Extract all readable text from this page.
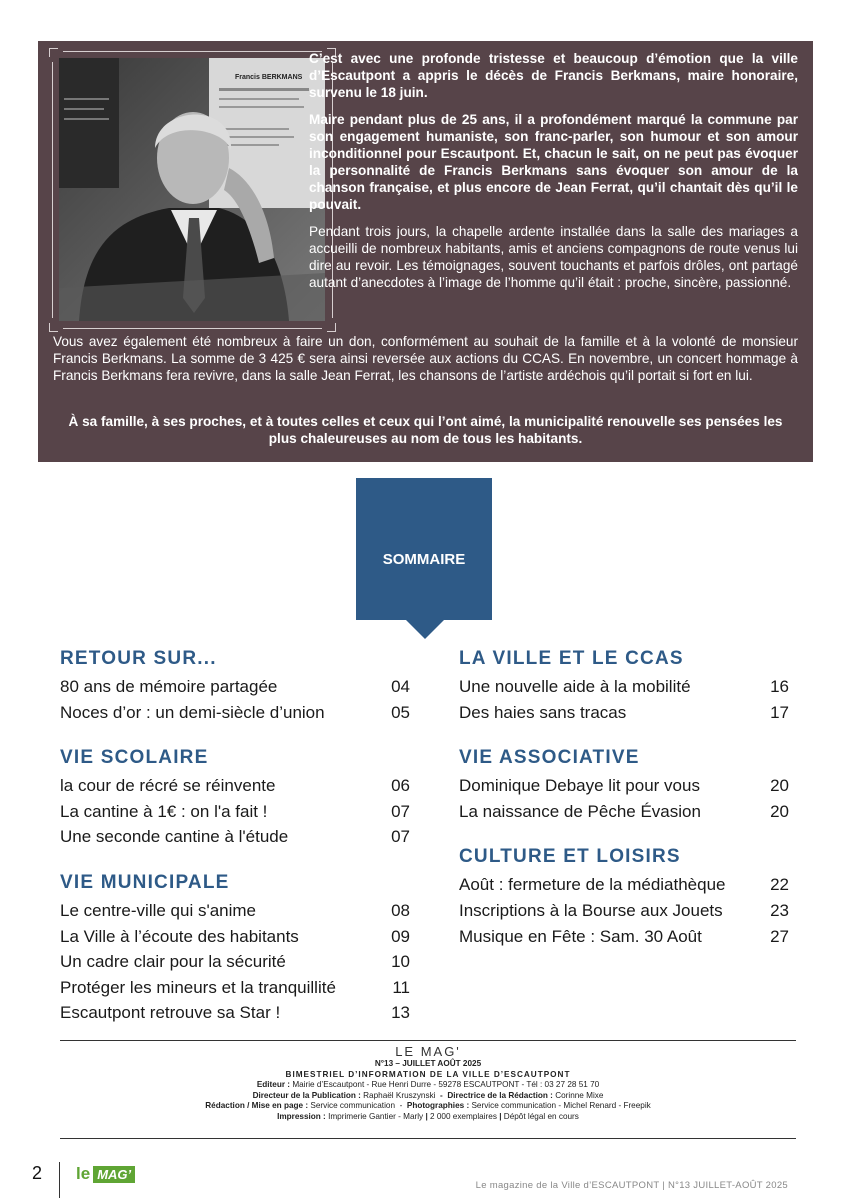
Francis BERKMANS

C’est avec une profonde tristesse et beaucoup d’émotion que la ville d’Escautpont a appris le décès de Francis Berkmans, maire honoraire, survenu le 18 juin.

Maire pendant plus de 25 ans, il a profondément marqué la commune par son engagement humaniste, son franc-parler, son humour et son amour inconditionnel pour Escautpont. Et, chacun le sait, on ne peut pas évoquer la personnalité de Francis Berkmans sans évoquer son amour de la chanson française, et plus encore de Jean Ferrat, qu’il chantait dès qu’il le pouvait.

Pendant trois jours, la chapelle ardente installée dans la salle des mariages a accueilli de nombreux habitants, amis et anciens compagnons de route venus lui dire au revoir. Les témoignages, souvent touchants et parfois drôles, ont partagé autant d’anecdotes à l’image de l’homme qu’il était : proche, sincère, passionné.

Vous avez également été nombreux à faire un don, conformément au souhait de la famille et à la volonté de monsieur Francis Berkmans. La somme de 3 425 € sera ainsi reversée aux actions du CCAS. En novembre, un concert hommage à Francis Berkmans fera revivre, dans la salle Jean Ferrat, les chansons de l’artiste ardéchois qu’il portait si fort en lui.

À sa famille, à ses proches, et à toutes celles et ceux qui l’ont aimé, la municipalité renouvelle ses pensées les plus chaleureuses au nom de tous les habitants.
SOMMAIRE
RETOUR SUR...
80 ans de mémoire partagée	04
Noces d’or : un demi-siècle d’union	05
VIE SCOLAIRE
la cour de récré se réinvente	06
La cantine à 1€ : on l'a fait !	07
Une seconde cantine à l'étude	07
VIE MUNICIPALE
Le centre-ville qui s'anime	08
La Ville à l’écoute des habitants	09
Un cadre clair pour la sécurité	10
Protéger les mineurs et la tranquillité	11
Escautpont retrouve sa Star !	13
LA VILLE ET LE CCAS
Une nouvelle aide à la mobilité	16
Des haies sans tracas	17
VIE ASSOCIATIVE
Dominique Debaye lit pour vous	20
La naissance de Pêche Évasion	20
CULTURE ET LOISIRS
Août : fermeture de la médiathèque	22
Inscriptions à la Bourse aux Jouets	23
Musique en Fête : Sam. 30 Août	27
LE MAG'
N°13 – JUILLET AOÛT 2025
BIMESTRIEL D’INFORMATION DE LA VILLE D’ESCAUTPONT
Editeur : Mairie d’Escautpont - Rue Henri Durre - 59278 ESCAUTPONT - Tél : 03 27 28 51 70
Directeur de la Publication : Raphaël Kruszynski - Directrice de la Rédaction : Corinne Mixe
Rédaction / Mise en page : Service communication - Photographies : Service communication - Michel Renard - Freepik
Impression : Imprimerie Gantier - Marly | 2 000 exemplaires | Dépôt légal en cours
2 le MAG’
Le magazine de la Ville d’ESCAUTPONT | N°13 JUILLET-AOÛT 2025
